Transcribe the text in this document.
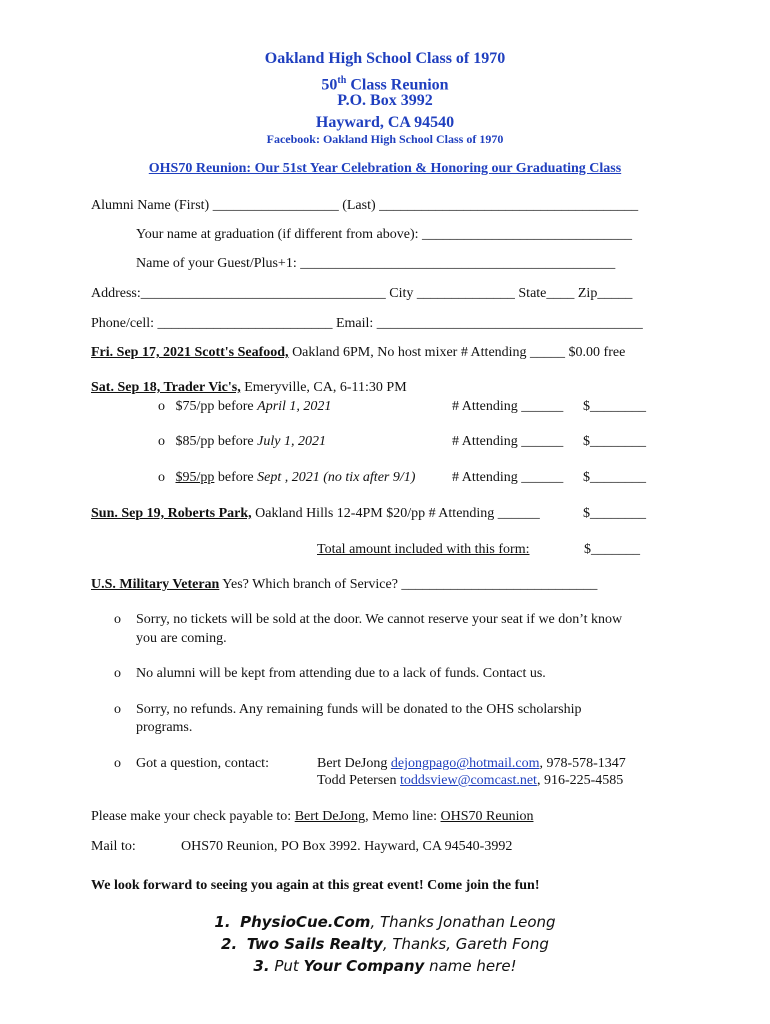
Oakland High School Class of 1970
50th Class Reunion
P.O. Box 3992
Hayward, CA 94540
Facebook: Oakland High School Class of 1970
OHS70 Reunion: Our 51st Year Celebration & Honoring our Graduating Class
Alumni Name (First) __________________ (Last) _____________________________________
Your name at graduation (if different from above): ______________________________
Name of your Guest/Plus+1: _____________________________________________
Address:___________________________________ City ______________ State____ Zip_____
Phone/cell: _________________________ Email: ______________________________________
Fri. Sep 17, 2021 Scott's Seafood, Oakland 6PM, No host mixer # Attending _____ $0.00 free
Sat. Sep 18, Trader Vic's, Emeryville, CA, 6-11:30 PM
o $75/pp before April 1, 2021	# Attending ______ $________
o $85/pp before July 1, 2021	# Attending ______ $________
o $95/pp before Sept , 2021 (no tix after 9/1)	# Attending ______ $________
Sun. Sep 19, Roberts Park, Oakland Hills 12-4PM $20/pp # Attending ______	$________
Total amount included with this form:	$_______
U.S. Military Veteran Yes? Which branch of Service? ____________________________
o Sorry, no tickets will be sold at the door. We cannot reserve your seat if we don’t know
you are coming.
o No alumni will be kept from attending due to a lack of funds. Contact us.
o Sorry, no refunds. Any remaining funds will be donated to the OHS scholarship
programs.
o Got a question, contact:	Bert DeJong dejongpago@hotmail.com, 978-578-1347
Todd Petersen toddsview@comcast.net, 916-225-4585
Please make your check payable to: Bert DeJong, Memo line: OHS70 Reunion
Mail to:	OHS70 Reunion, PO Box 3992. Hayward, CA 94540-3992
We look forward to seeing you again at this great event! Come join the fun!
1. PhysioCue.Com, Thanks Jonathan Leong
2. Two Sails Realty, Thanks, Gareth Fong
3. Put Your Company name here!
